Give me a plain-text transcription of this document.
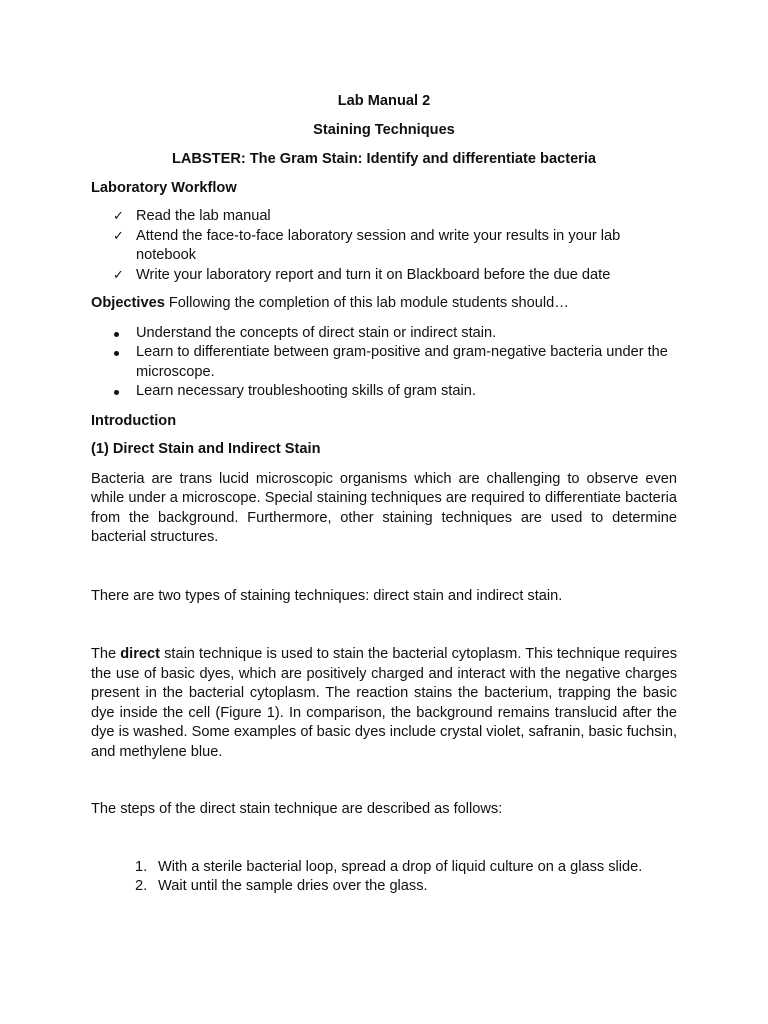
Lab Manual 2
Staining Techniques
LABSTER: The Gram Stain: Identify and differentiate bacteria
Laboratory Workflow
✓ Read the lab manual
✓ Attend the face-to-face laboratory session and write your results in your lab notebook
✓ Write your laboratory report and turn it on Blackboard before the due date
Objectives Following the completion of this lab module students should…
Understand the concepts of direct stain or indirect stain.
Learn to differentiate between gram-positive and gram-negative bacteria under the microscope.
Learn necessary troubleshooting skills of gram stain.
Introduction
(1) Direct Stain and Indirect Stain

Bacteria are trans lucid microscopic organisms which are challenging to observe even while under a microscope. Special staining techniques are required to differentiate bacteria from the background. Furthermore, other staining techniques are used to determine bacterial structures.

There are two types of staining techniques: direct stain and indirect stain.

The direct stain technique is used to stain the bacterial cytoplasm. This technique requires the use of basic dyes, which are positively charged and interact with the negative charges present in the bacterial cytoplasm. The reaction stains the bacterium, trapping the basic dye inside the cell (Figure 1). In comparison, the background remains translucid after the dye is washed. Some examples of basic dyes include crystal violet, safranin, basic fuchsin, and methylene blue.

The steps of the direct stain technique are described as follows:

1. With a sterile bacterial loop, spread a drop of liquid culture on a glass slide.
2. Wait until the sample dries over the glass.
